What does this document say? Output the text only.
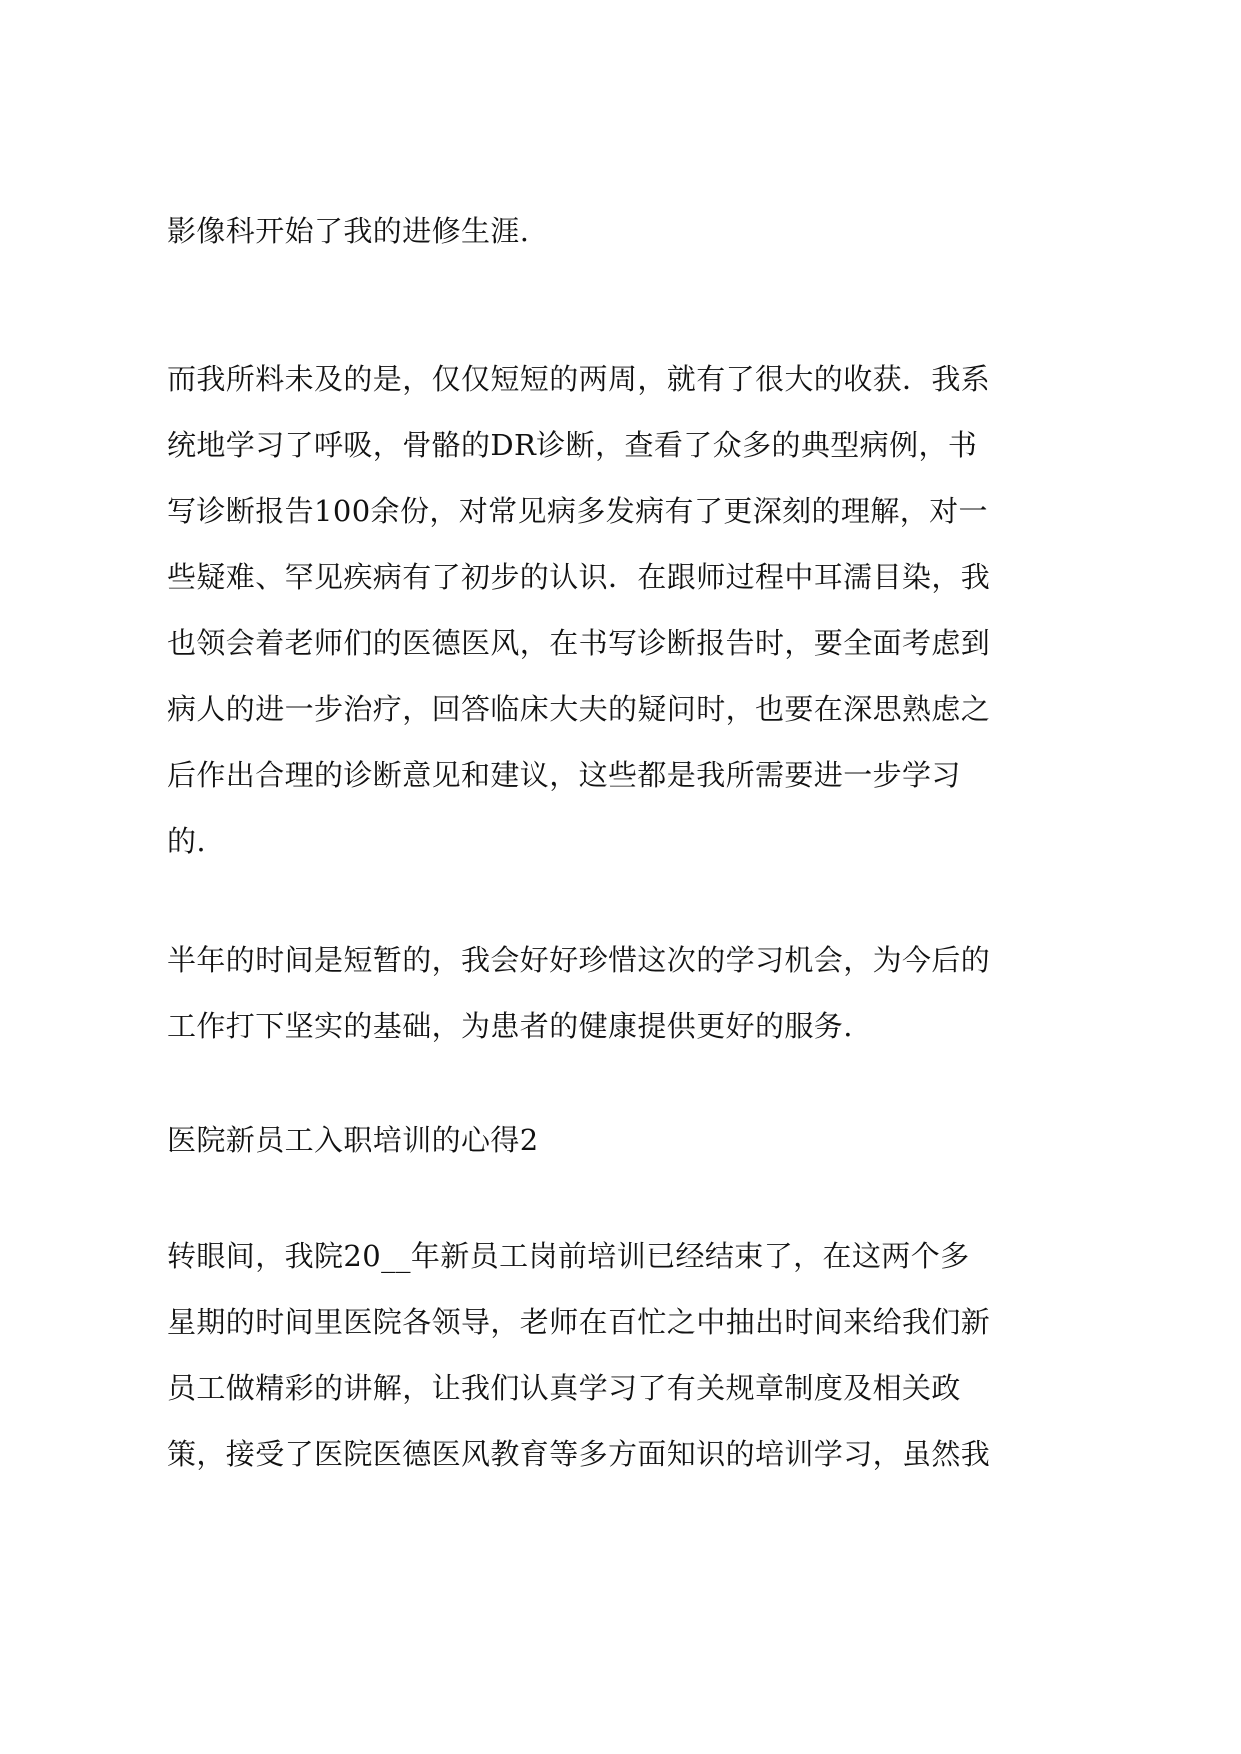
影像科开始了我的进修生涯.

而我所料未及的是，仅仅短短的两周，就有了很大的收获．我系

统地学习了呼吸，骨骼的DR诊断，查看了众多的典型病例，书

写诊断报告100余份，对常见病多发病有了更深刻的理解，对一

些疑难、罕见疾病有了初步的认识．在跟师过程中耳濡目染，我

也领会着老师们的医德医风，在书写诊断报告时，要全面考虑到

病人的进一步治疗，回答临床大夫的疑问时，也要在深思熟虑之

后作出合理的诊断意见和建议，这些都是我所需要进一步学习

的.

半年的时间是短暂的，我会好好珍惜这次的学习机会，为今后的

工作打下坚实的基础，为患者的健康提供更好的服务.

医院新员工入职培训的心得2

转眼间，我院20__年新员工岗前培训已经结束了，在这两个多

星期的时间里医院各领导，老师在百忙之中抽出时间来给我们新

员工做精彩的讲解，让我们认真学习了有关规章制度及相关政

策，接受了医院医德医风教育等多方面知识的培训学习，虽然我
